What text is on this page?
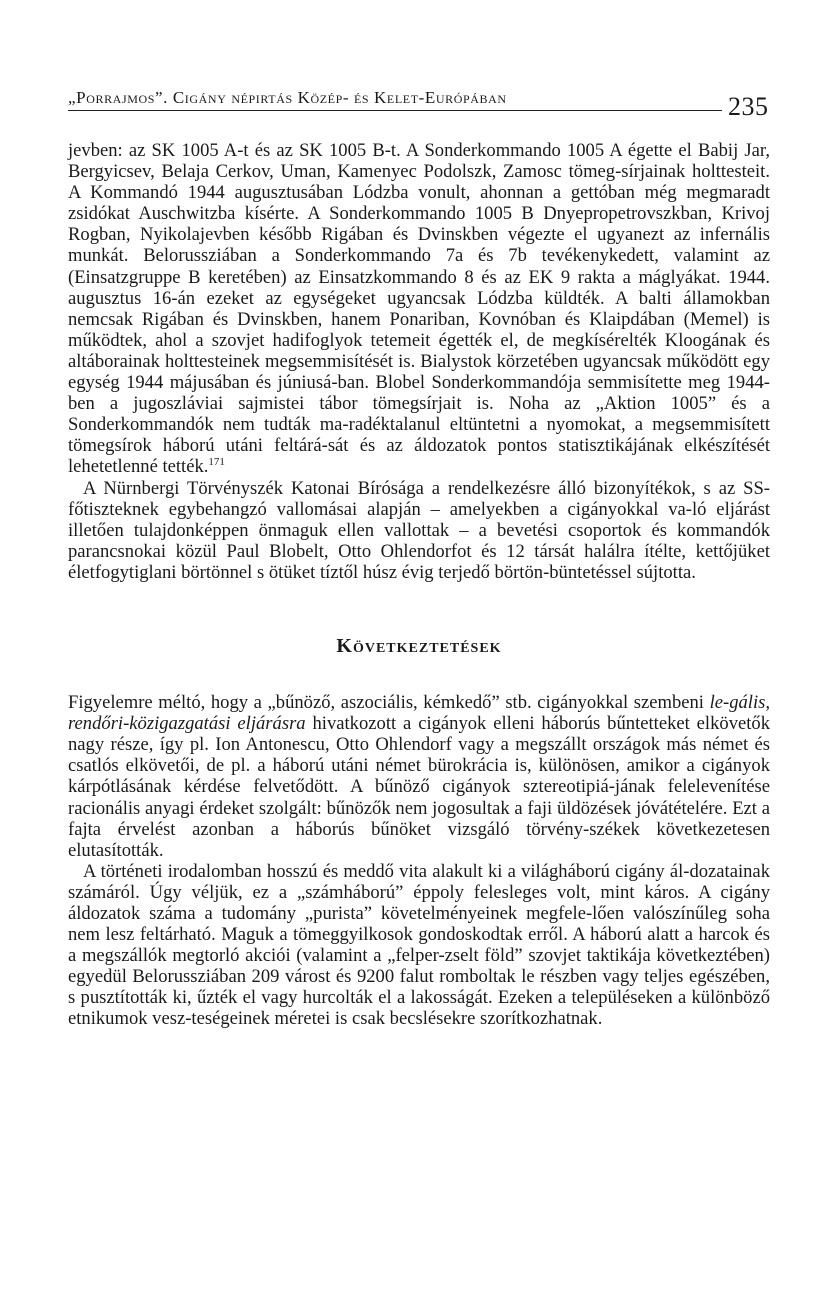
„Porrajmos”. Cigány népirtás Közép- és Kelet-Európában	235

jevben: az SK 1005 A-t és az SK 1005 B-t. A Sonderkommando 1005 A égette el Babij Jar, Bergyicsev, Belaja Cerkov, Uman, Kamenyec Podolszk, Zamosc tömeg-sírjainak holttesteit. A Kommandó 1944 augusztusában Lódzba vonult, ahonnan a gettóban még megmaradt zsidókat Auschwitzba kísérte. A Sonderkommando 1005 B Dnyepropetrovszkban, Krivoj Rogban, Nyikolajevben később Rigában és Dvinskben végezte el ugyanezt az infernális munkát. Belorussziában a Sonderkommando 7a és 7b tevékenykedett, valamint az (Einsatzgruppe B keretében) az Einsatzkommando 8 és az EK 9 rakta a máglyákat. 1944. augusztus 16-án ezeket az egységeket ugyancsak Lódzba küldték. A balti államokban nemcsak Rigában és Dvinskben, hanem Ponariban, Kovnóban és Klaipdában (Memel) is működtek, ahol a szovjet hadifoglyok tetemeit égették el, de megkísérelték Kloogának és altáborainak holttesteinek megsemmisítését is. Bialystok körzetében ugyancsak működött egy egység 1944 májusában és júniusá-ban. Blobel Sonderkommandója semmisítette meg 1944-ben a jugoszláviai sajmistei tábor tömegsírjait is. Noha az „Aktion 1005” és a Sonderkommandók nem tudták ma-radéktalanul eltüntetni a nyomokat, a megsemmisített tömegsírok háború utáni feltárá-sát és az áldozatok pontos statisztikájának elkészítését lehetetlenné tették.$^{171}$

A Nürnbergi Törvényszék Katonai Bírósága a rendelkezésre álló bizonyítékok, s az SS-főtiszteknek egybehangzó vallomásai alapján – amelyekben a cigányokkal va-ló eljárást illetően tulajdonképpen önmaguk ellen vallottak – a bevetési csoportok és kommandók parancsnokai közül Paul Blobelt, Otto Ohlendorfot és 12 társát halálra ítélte, kettőjüket életfogytiglani börtönnel s ötüket tíztől húsz évig terjedő börtön-büntetéssel sújtotta.

Következtetések

Figyelemre méltó, hogy a „bűnöző, aszociális, kémkedő” stb. cigányokkal szembeni le-gális, rendőri-közigazgatási eljárásra hivatkozott a cigányok elleni háborús bűntetteket elkövetők nagy része, így pl. Ion Antonescu, Otto Ohlendorf vagy a megszállt országok más német és csatlós elkövetői, de pl. a háború utáni német bürokrácia is, különösen, amikor a cigányok kárpótlásának kérdése felvetődött. A bűnöző cigányok sztereotipiá-jának felelevenítése racionális anyagi érdeket szolgált: bűnözők nem jogosultak a faji üldözések jóvátételére. Ezt a fajta érvelést azonban a háborús bűnöket vizsgáló törvény-székek következetesen elutasították.

A történeti irodalomban hosszú és meddő vita alakult ki a világháború cigány ál-dozatainak számáról. Úgy véljük, ez a „számháború” éppoly felesleges volt, mint káros. A cigány áldozatok száma a tudomány „purista” követelményeinek megfele-lően valószínűleg soha nem lesz feltárható. Maguk a tömeggyilkosok gondoskodtak erről. A háború alatt a harcok és a megszállók megtorló akciói (valamint a „felper-zselt föld” szovjet taktikája következtében) egyedül Belorussziában 209 várost és 9200 falut romboltak le részben vagy teljes egészében, s pusztították ki, űzték el vagy hurcolták el a lakosságát. Ezeken a településeken a különböző etnikumok vesz-teségeinek méretei is csak becslésekre szorítkozhatnak.
